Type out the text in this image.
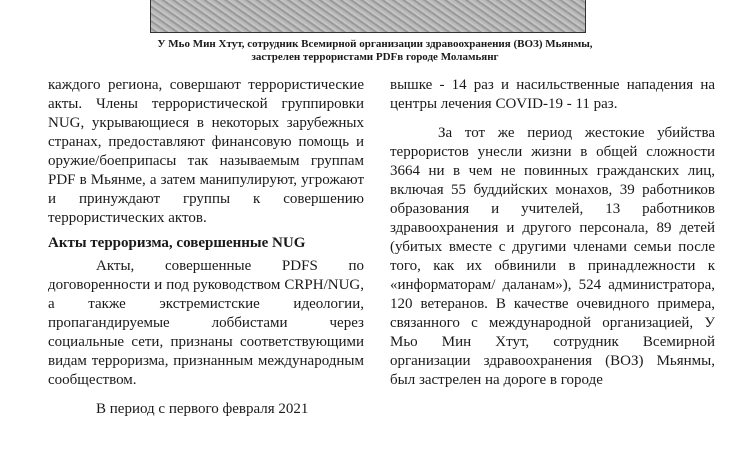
У Мьо Мин Хтут, сотрудник Всемирной организации здравоохранения (ВОЗ) Мьянмы,
застрелен террористами PDFв городе Моламьянг

каждого региона, совершают террористические акты. Члены террористической группировки NUG, укрывающиеся в некоторых зарубежных странах, предоставляют финансовую помощь и оружие/боеприпасы так называемым группам PDF в Мьянме, а затем манипулируют, угрожают и принуждают группы к совершению террористических актов.

Акты терроризма, совершенные NUG

Акты, совершенные PDFS по договоренности и под руководством CRPH/NUG, а также экстремистские идеологии, пропагандируемые лоббистами через социальные сети, признаны соответствующими видам терроризма, признанным международным сообществом.

В период с первого февраля 2021

вышке - 14 раз и насильственные нападения на центры лечения COVID-19 - 11 раз.

За тот же период жестокие убийства террористов унесли жизни в общей сложности 3664 ни в чем не повинных гражданских лиц, включая 55 буддийских монахов, 39 работников образования и учителей, 13 работников здравоохранения и другого персонала, 89 детей (убитых вместе с другими членами семьи после того, как их обвинили в принадлежности к «информаторам/ даланам»), 524 администратора, 120 ветеранов. В качестве очевидного примера, связанного с международной организацией, У Мьо Мин Хтут, сотрудник Всемирной организации здравоохранения (ВОЗ) Мьянмы, был застрелен на дороге в городе
